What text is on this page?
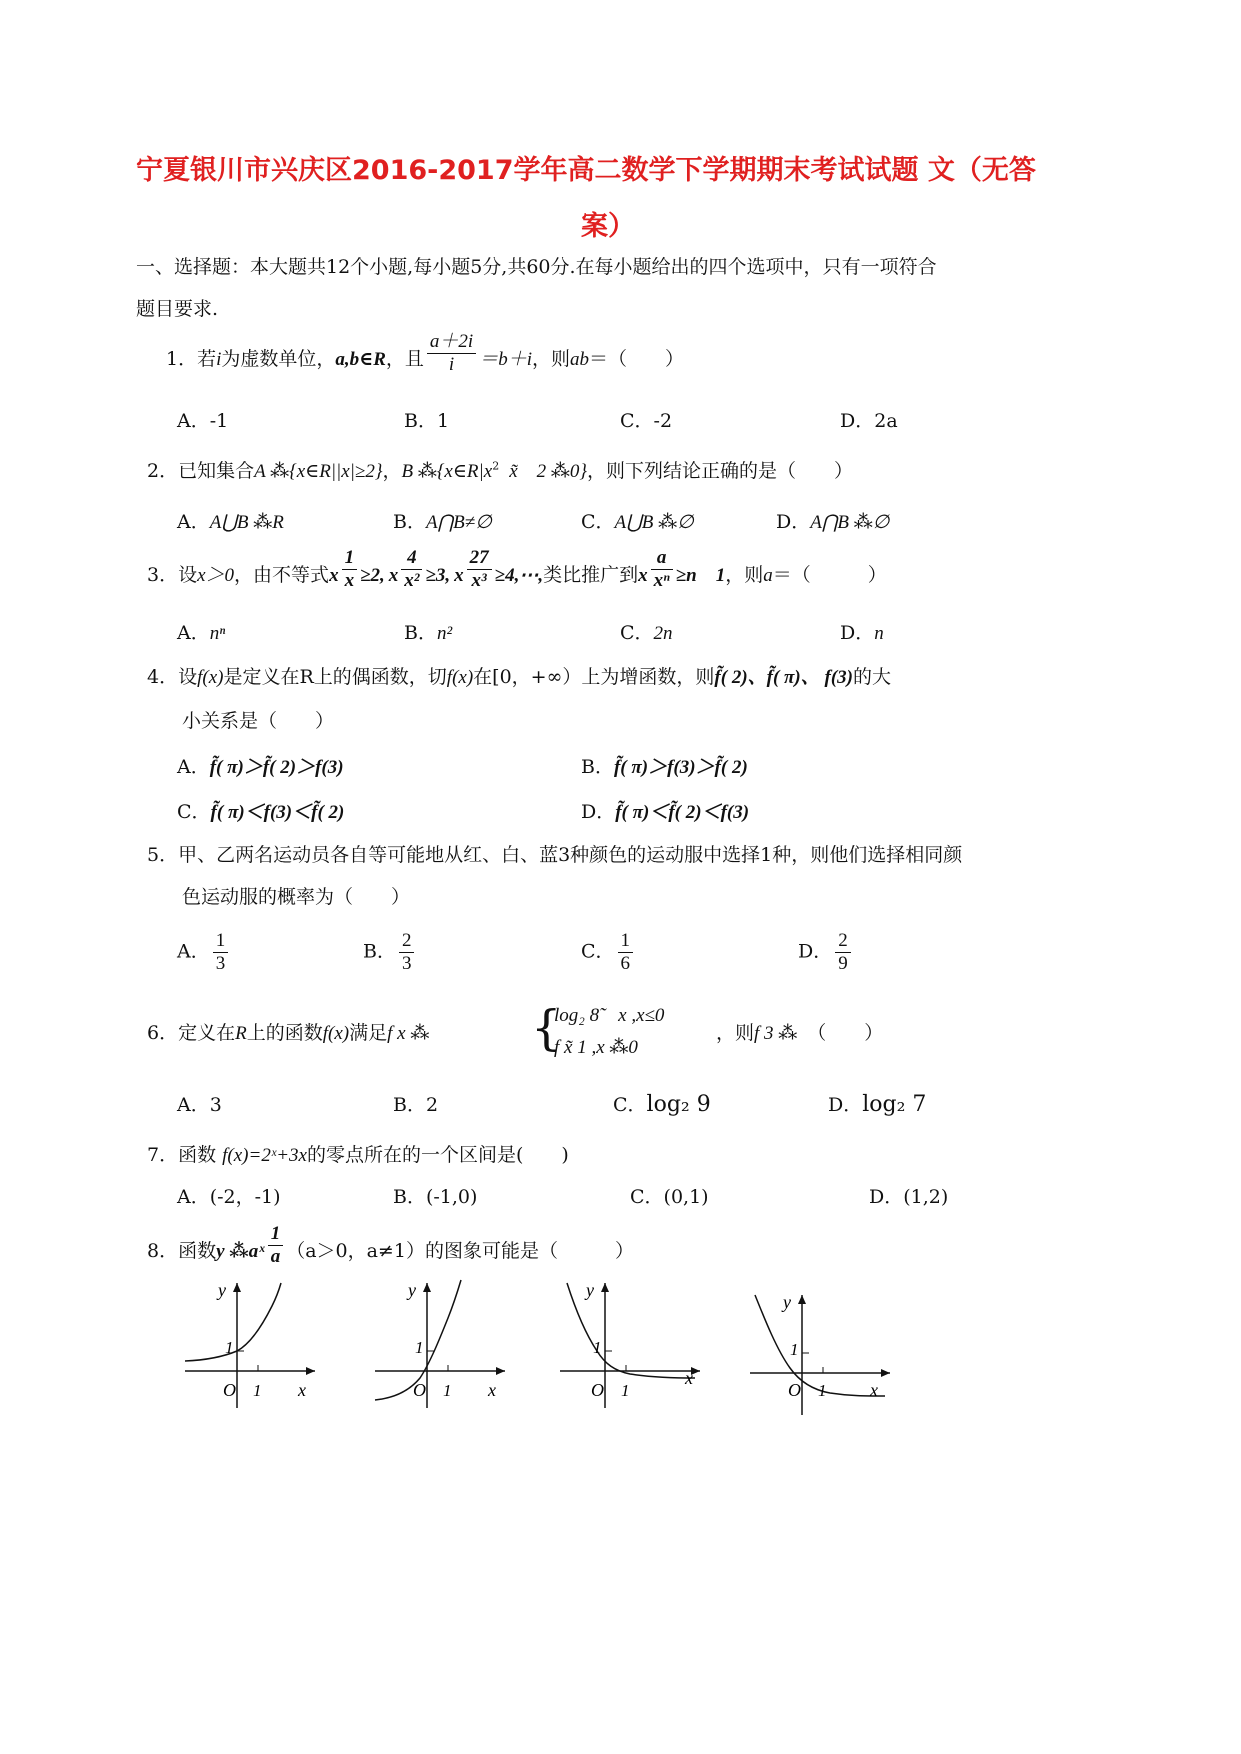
宁夏银川市兴庆区2016-2017学年高二数学下学期期末考试试题 文（无答
案）
一、选择题：本大题共12个小题,每小题5分,共60分.在每小题给出的四个选项中，只有一项符合
题目要求.
1．若i为虚数单位，a,b∈R，且 $\frac{a+2i}{i} =b+i$，则ab＝（　　）
A．-1	B．1	C．-2	D．2a
2．已知集合A ⁂{x∈R||x|≥2}，B $⁂\{x\in R|x^2$ x̃　2 ⁂0}，则下列结论正确的是（　　）
A．A⋃B ⁂R	B．A⋂B≠∅	C．A⋃B ⁂∅	D．A⋂B ⁂∅
3．设x＞0，由不等式x $\frac{1}{x} \ge 2$, x $\frac{4}{\text{x²}} \ge 3$, x $\frac{27}{\text{x³}}$ ≥4,⋯,类比推广到x $\frac{a}{\text{xⁿ}} \ge n$　1，则a＝（　　　）
A．nⁿ	B．n²	C．2n	D．n
4．设f(x)是定义在R上的偶函数，切f(x)在[0，+∞）上为增函数，则f̃( 2)、f̃( π)、 f(3)的大
小关系是（　　）
A．f̃( π)＞f̃( 2)＞f(3)	B．f̃( π)＞f(3)＞f̃( 2)
C．f̃( π)＜f(3)＜f̃( 2)	D．f̃( π)＜f̃( 2)＜f(3)
5．甲、乙两名运动员各自等可能地从红、白、蓝3种颜色的运动服中选择1种，则他们选择相同颜
色运动服的概率为（　　）
A． $\frac{1}{3}$	B． $\frac{2}{3}$	C． $\frac{1}{6}$	D． $\frac{2}{9}$
6．定义在R上的函数f(x)满足f x ⁂ {
log₂ 8̃　x ,x≤0
f x̃ 1 ,x ⁂0
，则f 3 ⁂ （　　）
A．3	B．2	C．log₂ 9	D．log₂ 7
7．函数 f(x)=2ˣ+3x的零点所在的一个区间是(　　)
A．(-2，-1)	B．(-1,0)	C．(0,1)	D．(1,2)
8．函数y ⁂aˣ $\frac{1}{a} (a>0$，a≠1）的图象可能是（　　　）
y
1
O 1 x
y
1
O 1 x
y
1
O 1
x
y
1
O 1 x
